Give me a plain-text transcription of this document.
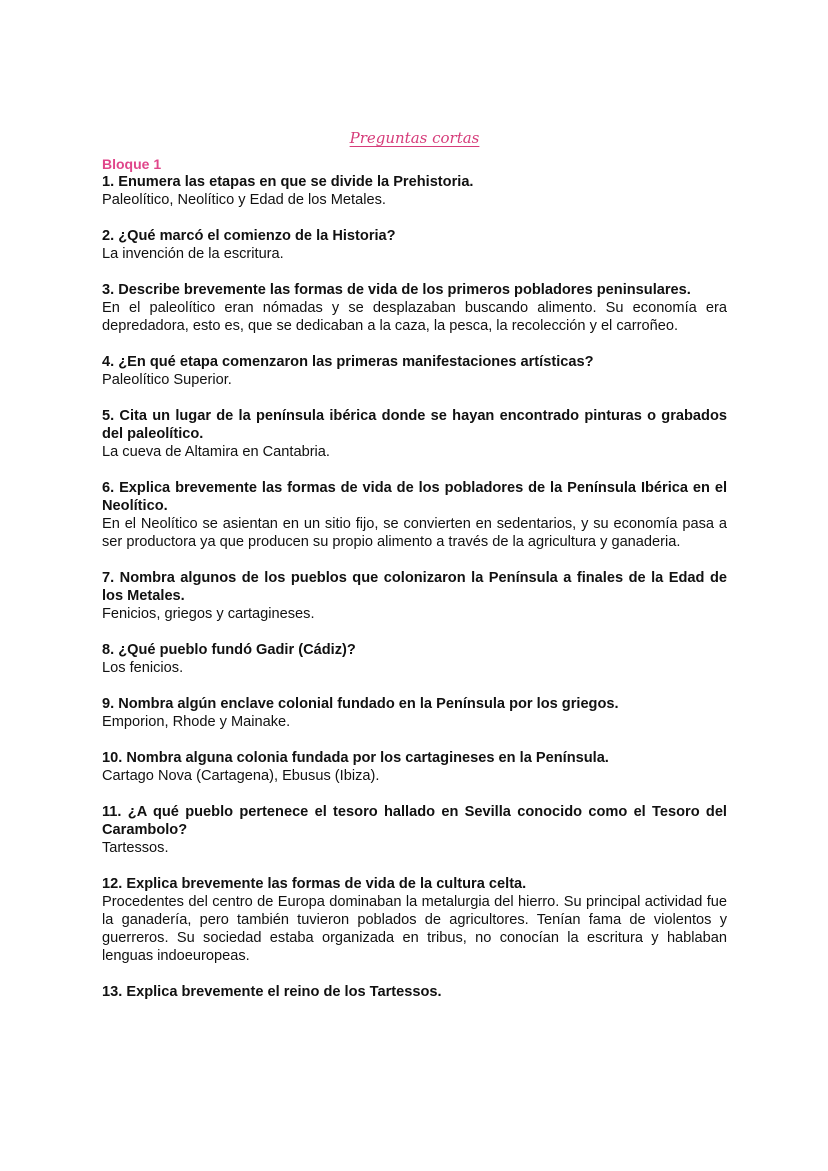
Preguntas cortas

Bloque 1

1. Enumera las etapas en que se divide la Prehistoria.

Paleolítico, Neolítico y Edad de los Metales.

2. ¿Qué marcó el comienzo de la Historia?

La invención de la escritura.

3. Describe brevemente las formas de vida de los primeros pobladores peninsulares.

En el paleolítico eran nómadas y se desplazaban buscando alimento. Su economía era depredadora, esto es, que se dedicaban a la caza, la pesca, la recolección y el carroñeo.

4. ¿En qué etapa comenzaron las primeras manifestaciones artísticas?

Paleolítico Superior.

5. Cita un lugar de la península ibérica donde se hayan encontrado pinturas o grabados del paleolítico.

La cueva de Altamira en Cantabria.

6. Explica brevemente las formas de vida de los pobladores de la Península Ibérica en el Neolítico.

En el Neolítico se asientan en un sitio fijo, se convierten en sedentarios, y su economía pasa a ser productora ya que producen su propio alimento a través de la agricultura y ganaderia.

7. Nombra algunos de los pueblos que colonizaron la Península a finales de la Edad de los Metales.

Fenicios, griegos y cartagineses.

8. ¿Qué pueblo fundó Gadir (Cádiz)?

Los fenicios.

9. Nombra algún enclave colonial fundado en la Península por los griegos.

Emporion, Rhode y Mainake.

10. Nombra alguna colonia fundada por los cartagineses en la Península.

Cartago Nova (Cartagena), Ebusus (Ibiza).

11. ¿A qué pueblo pertenece el tesoro hallado en Sevilla conocido como el Tesoro del Carambolo?

Tartessos.

12. Explica brevemente las formas de vida de la cultura celta.

Procedentes del centro de Europa dominaban la metalurgia del hierro. Su principal actividad fue la ganadería, pero también tuvieron poblados de agricultores. Tenían fama de violentos y guerreros. Su sociedad estaba organizada en tribus, no conocían la escritura y hablaban lenguas indoeuropeas.

13. Explica brevemente el reino de los Tartessos.
